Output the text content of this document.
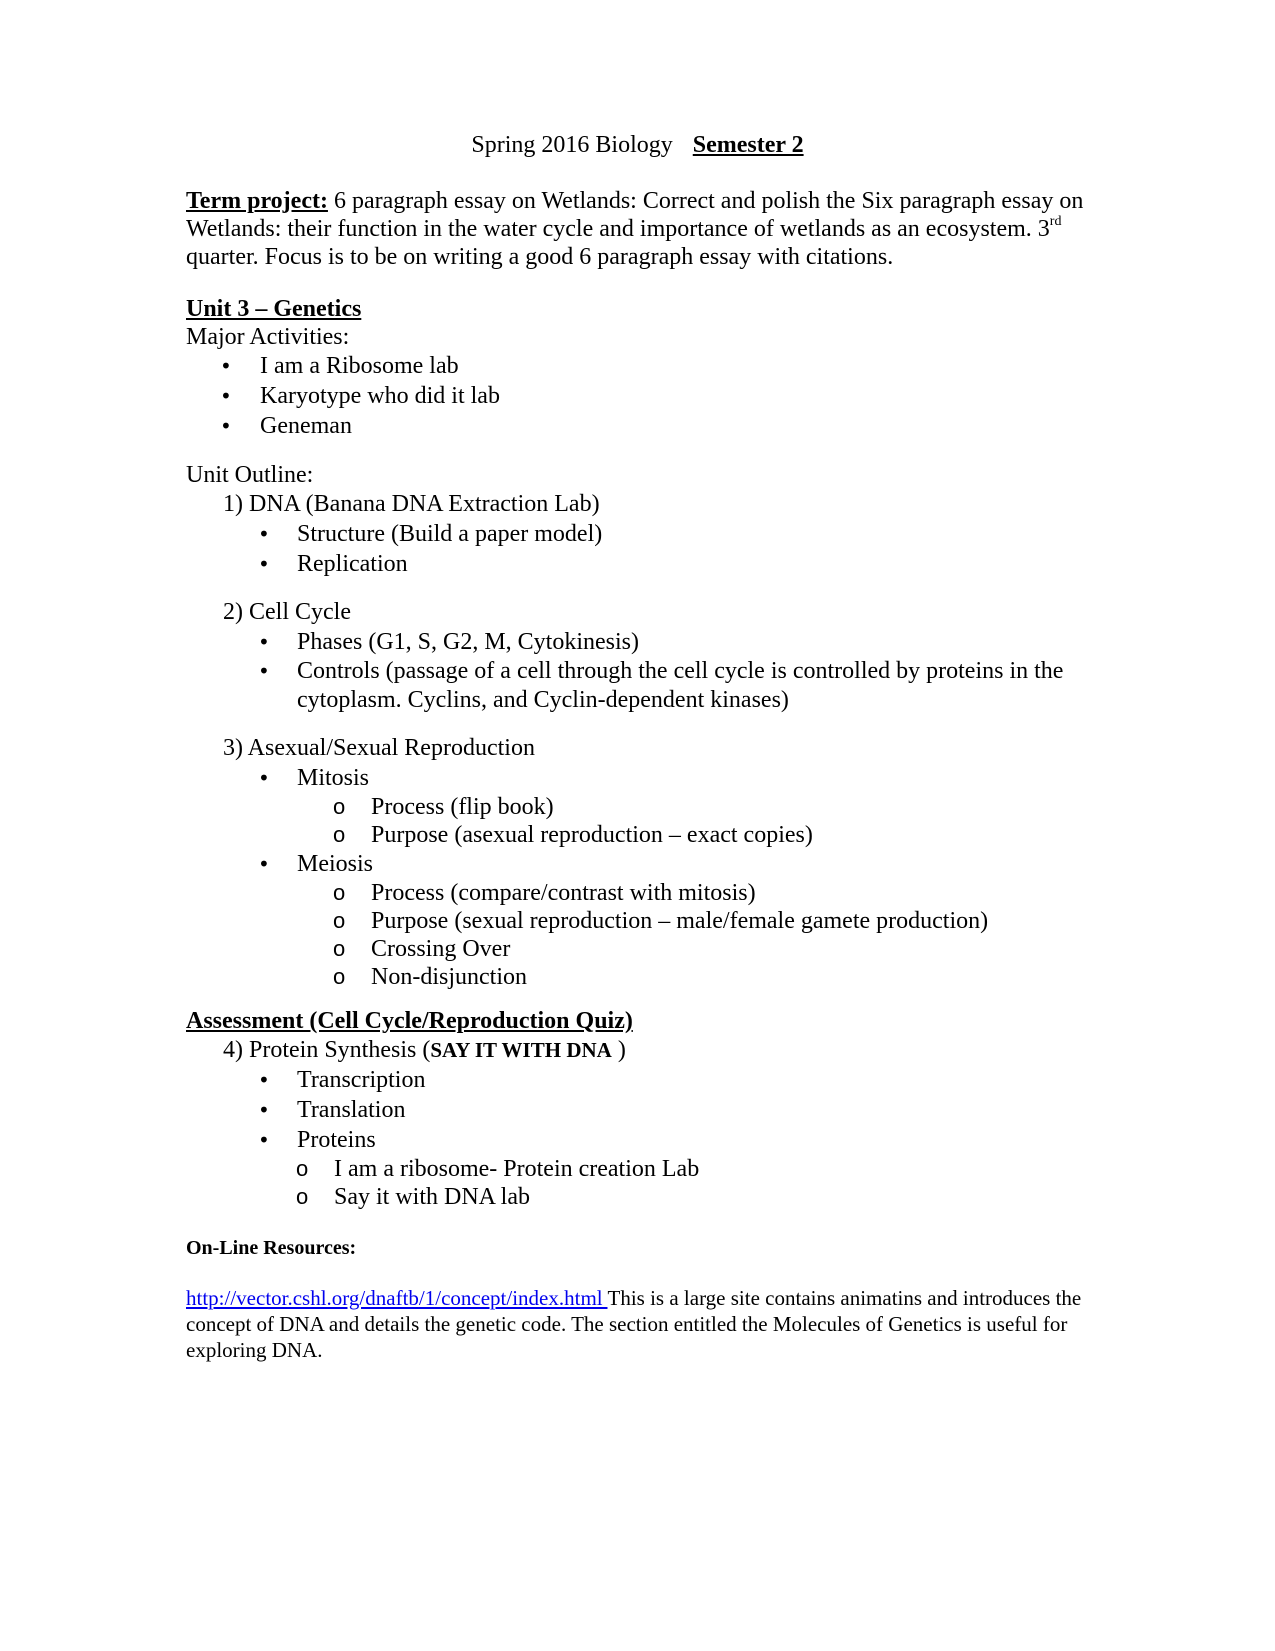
Spring 2016 Biology Semester 2

Term project: 6 paragraph essay on Wetlands: Correct and polish the Six paragraph essay on Wetlands: their function in the water cycle and importance of wetlands as an ecosystem. 3rd quarter. Focus is to be on writing a good 6 paragraph essay with citations.

Unit 3 – Genetics

Major Activities:

• I am a Ribosome lab
• Karyotype who did it lab
• Geneman

Unit Outline:

1) DNA (Banana DNA Extraction Lab)

• Structure (Build a paper model)
• Replication

2) Cell Cycle

• Phases (G1, S, G2, M, Cytokinesis)
• Controls (passage of a cell through the cell cycle is controlled by proteins in the cytoplasm. Cyclins, and Cyclin-dependent kinases)

3) Asexual/Sexual Reproduction

• Mitosis
o Process (flip book)
o Purpose (asexual reproduction – exact copies)
• Meiosis
o Process (compare/contrast with mitosis)
o Purpose (sexual reproduction – male/female gamete production)
o Crossing Over
o Non-disjunction

Assessment (Cell Cycle/Reproduction Quiz)

4) Protein Synthesis (SAY IT WITH DNA )

• Transcription
• Translation
• Proteins
o I am a ribosome- Protein creation Lab
o Say it with DNA lab

On-Line Resources:

http://vector.cshl.org/dnaftb/1/concept/index.html This is a large site contains animatins and introduces the concept of DNA and details the genetic code. The section entitled the Molecules of Genetics is useful for exploring DNA.
